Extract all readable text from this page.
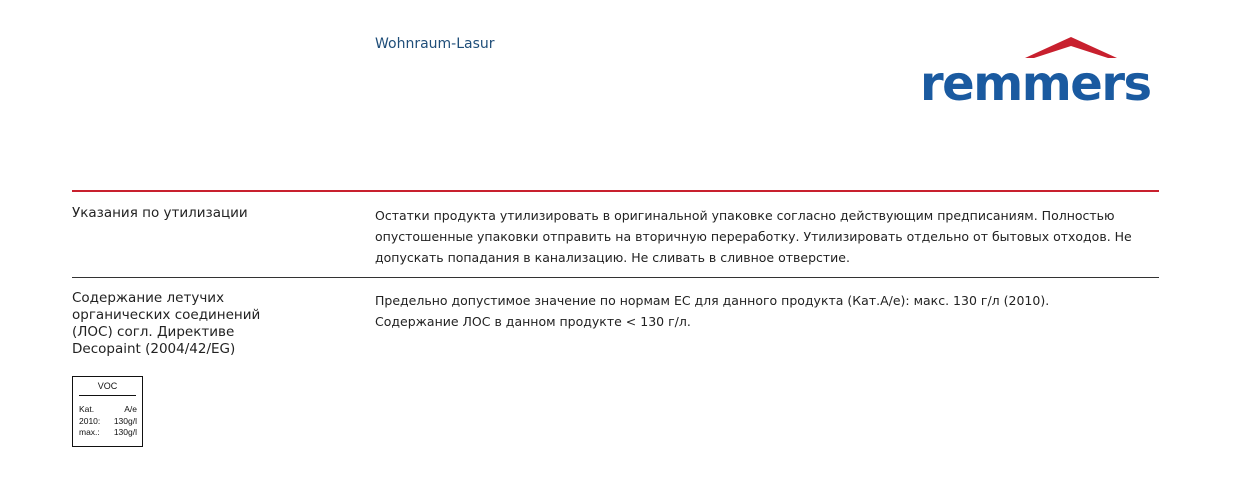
Wohnraum-Lasur
remmers
Указания по утилизации	Остатки продукта утилизировать в оригинальной упаковке согласно действующим предписаниям. Полностью опустошенные упаковки отправить на вторичную переработку. Утилизировать отдельно от бытовых отходов. Не допускать попадания в канализацию. Не сливать в сливное отверстие.

Содержание летучих органических соединений (ЛОС) согл. Директиве Decopaint (2004/42/EG)

Предельно допустимое значение по нормам ЕС для данного продукта (Кат.A/e): макс. 130 г/л (2010).

Содержание ЛОС в данном продукте < 130 г/л.

VOC
Kat.	A/e
2010: 130g/l
max.: 130g/l
